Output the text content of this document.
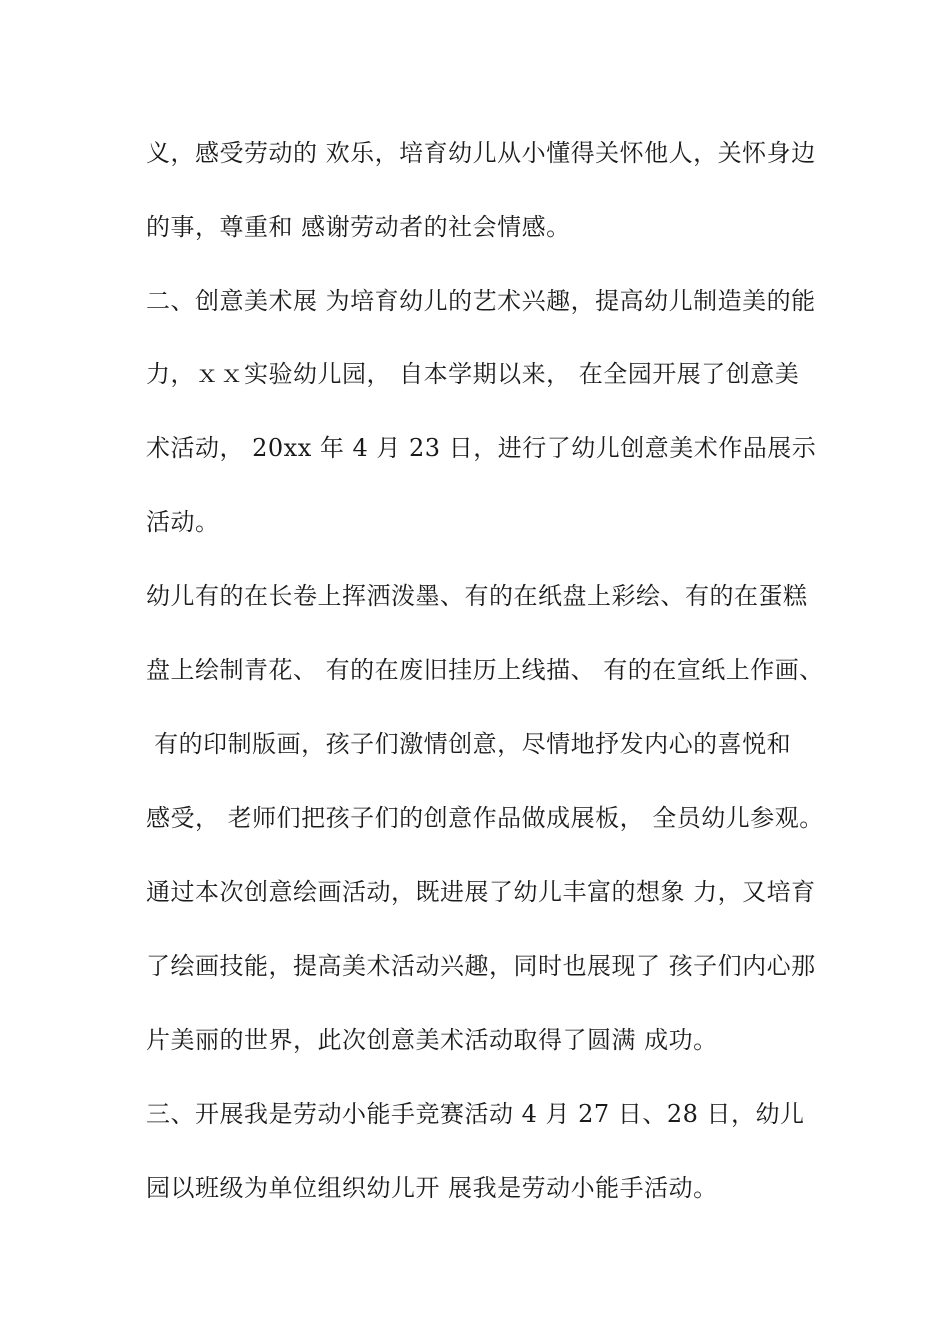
义，感受劳动的 欢乐，培育幼儿从小懂得关怀他人，关怀身边

的事，尊重和 感谢劳动者的社会情感。

二、创意美术展 为培育幼儿的艺术兴趣，提高幼儿制造美的能

力，ｘｘ实验幼儿园， 自本学期以来， 在全园开展了创意美

术活动， 20xx 年 4 月 23 日，进行了幼儿创意美术作品展示

活动。

幼儿有的在长卷上挥洒泼墨、有的在纸盘上彩绘、有的在蛋糕

盘上绘制青花、 有的在废旧挂历上线描、 有的在宣纸上作画、

有的印制版画，孩子们激情创意，尽情地抒发内心的喜悦和

感受， 老师们把孩子们的创意作品做成展板， 全员幼儿参观。

通过本次创意绘画活动，既进展了幼儿丰富的想象 力，又培育

了绘画技能，提高美术活动兴趣，同时也展现了 孩子们内心那

片美丽的世界，此次创意美术活动取得了圆满 成功。

三、开展我是劳动小能手竞赛活动 4 月 27 日、28 日，幼儿

园以班级为单位组织幼儿开 展我是劳动小能手活动。
